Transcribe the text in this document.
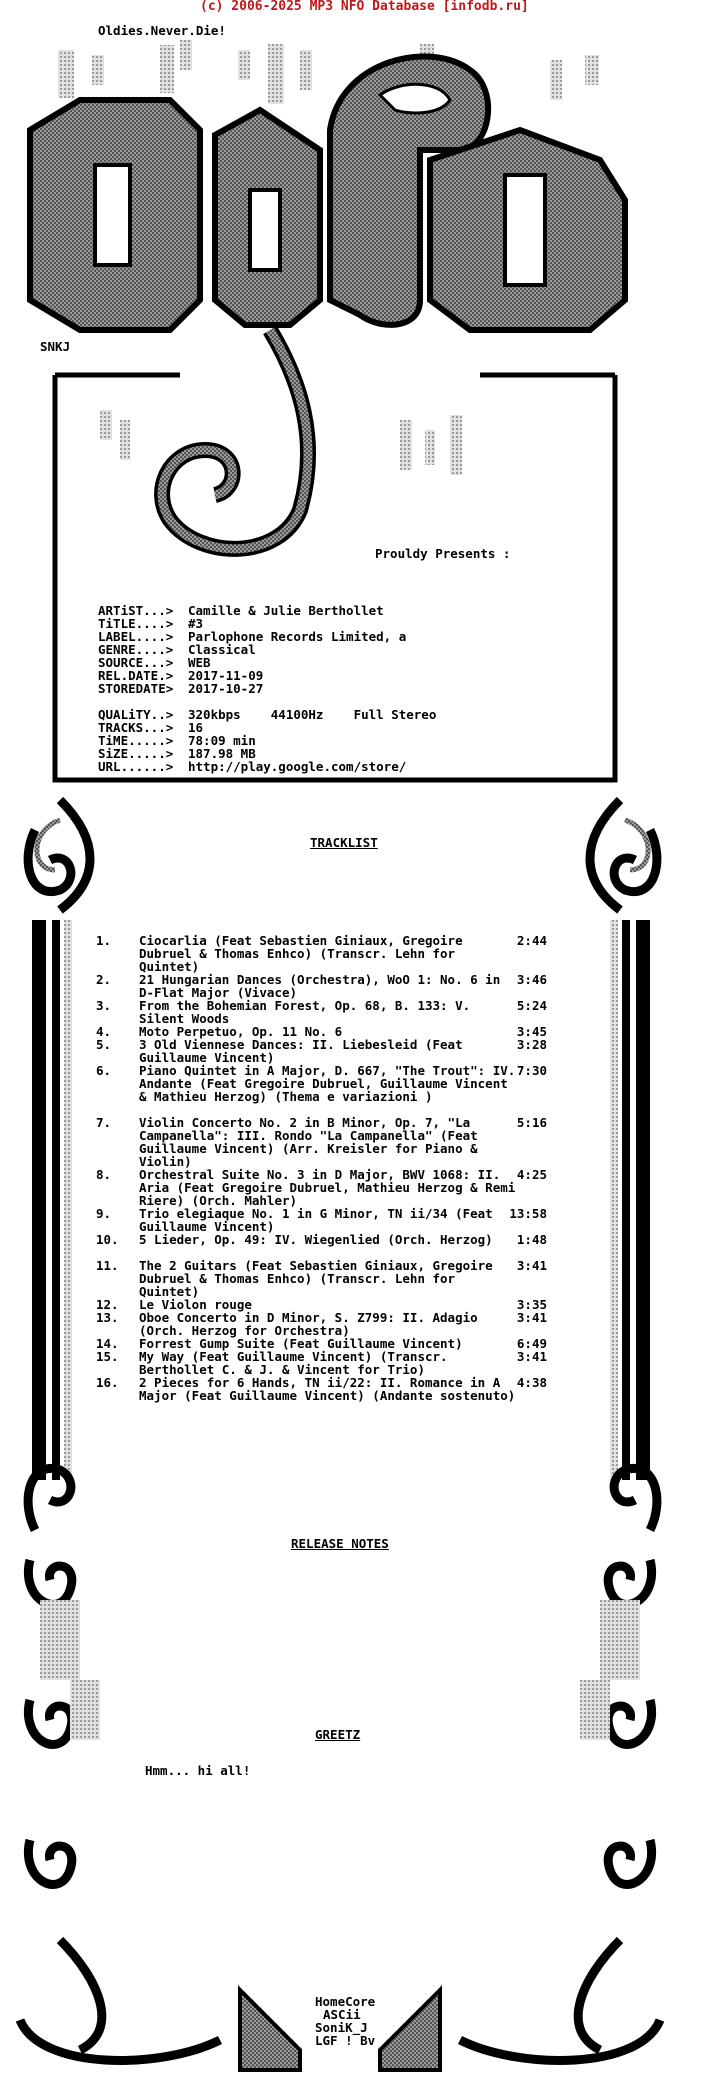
(c) 2006-2025 MP3 NFO Database [infodb.ru]
Oldies.Never.Die!
SNKJ
Prouldy Presents :
ARTiST...> Camille & Julie Berthollet
TiTLE....> #3
LABEL....> Parlophone Records Limited, a
GENRE....> Classical
SOURCE...> WEB
REL.DATE.> 2017-11-09
STOREDATE> 2017-10-27
QUALiTY..> 320kbps    44100Hz    Full Stereo
TRACKS...> 16
TiME.....> 78:09 min
SiZE.....> 187.98 MB
URL......> http://play.google.com/store/
TRACKLIST
1. Ciocarlia (Feat Sebastien Giniaux, Gregoire Dubruel & Thomas Enhco) (Transcr. Lehn for Quintet)
2:44
2. 21 Hungarian Dances (Orchestra), WoO 1: No. 6 in D-Flat Major (Vivace)
3:46
3. From the Bohemian Forest, Op. 68, B. 133: V. Silent Woods
5:24
4. Moto Perpetuo, Op. 11 No. 6	3:45
5. 3 Old Viennese Dances: II. Liebesleid (Feat Guillaume Vincent)
3:28
6. Piano Quintet in A Major, D. 667, "The Trout": IV. Andante (Feat Gregoire Dubruel, Guillaume Vincent & Mathieu Herzog) (Thema e variazioni )
7:30
7. Violin Concerto No. 2 in B Minor, Op. 7, "La Campanella": III. Rondo "La Campanella" (Feat Guillaume Vincent) (Arr. Kreisler for Piano & Violin)
5:16
8. Orchestral Suite No. 3 in D Major, BWV 1068: II. Aria (Feat Gregoire Dubruel, Mathieu Herzog & Remi Riere) (Orch. Mahler)
4:25
9. Trio elegiaque No. 1 in G Minor, TN ii/34 (Feat Guillaume Vincent)
13:58
10. 5 Lieder, Op. 49: IV. Wiegenlied (Orch. Herzog)	1:48
11. The 2 Guitars (Feat Sebastien Giniaux, Gregoire Dubruel & Thomas Enhco) (Transcr. Lehn for Quintet)
3:41
12. Le Violon rouge	3:35
13. Oboe Concerto in D Minor, S. Z799: II. Adagio (Orch. Herzog for Orchestra)
3:41
14. Forrest Gump Suite (Feat Guillaume Vincent)	6:49
15. My Way (Feat Guillaume Vincent) (Transcr. Berthollet C. & J. & Vincent for Trio)
3:41
16. 2 Pieces for 6 Hands, TN ii/22: II. Romance in A Major (Feat Guillaume Vincent) (Andante sostenuto)
4:38
RELEASE NOTES
GREETZ
Hmm... hi all!
HomeCore
ASCii
SoniK_J
LGF ! Bv
